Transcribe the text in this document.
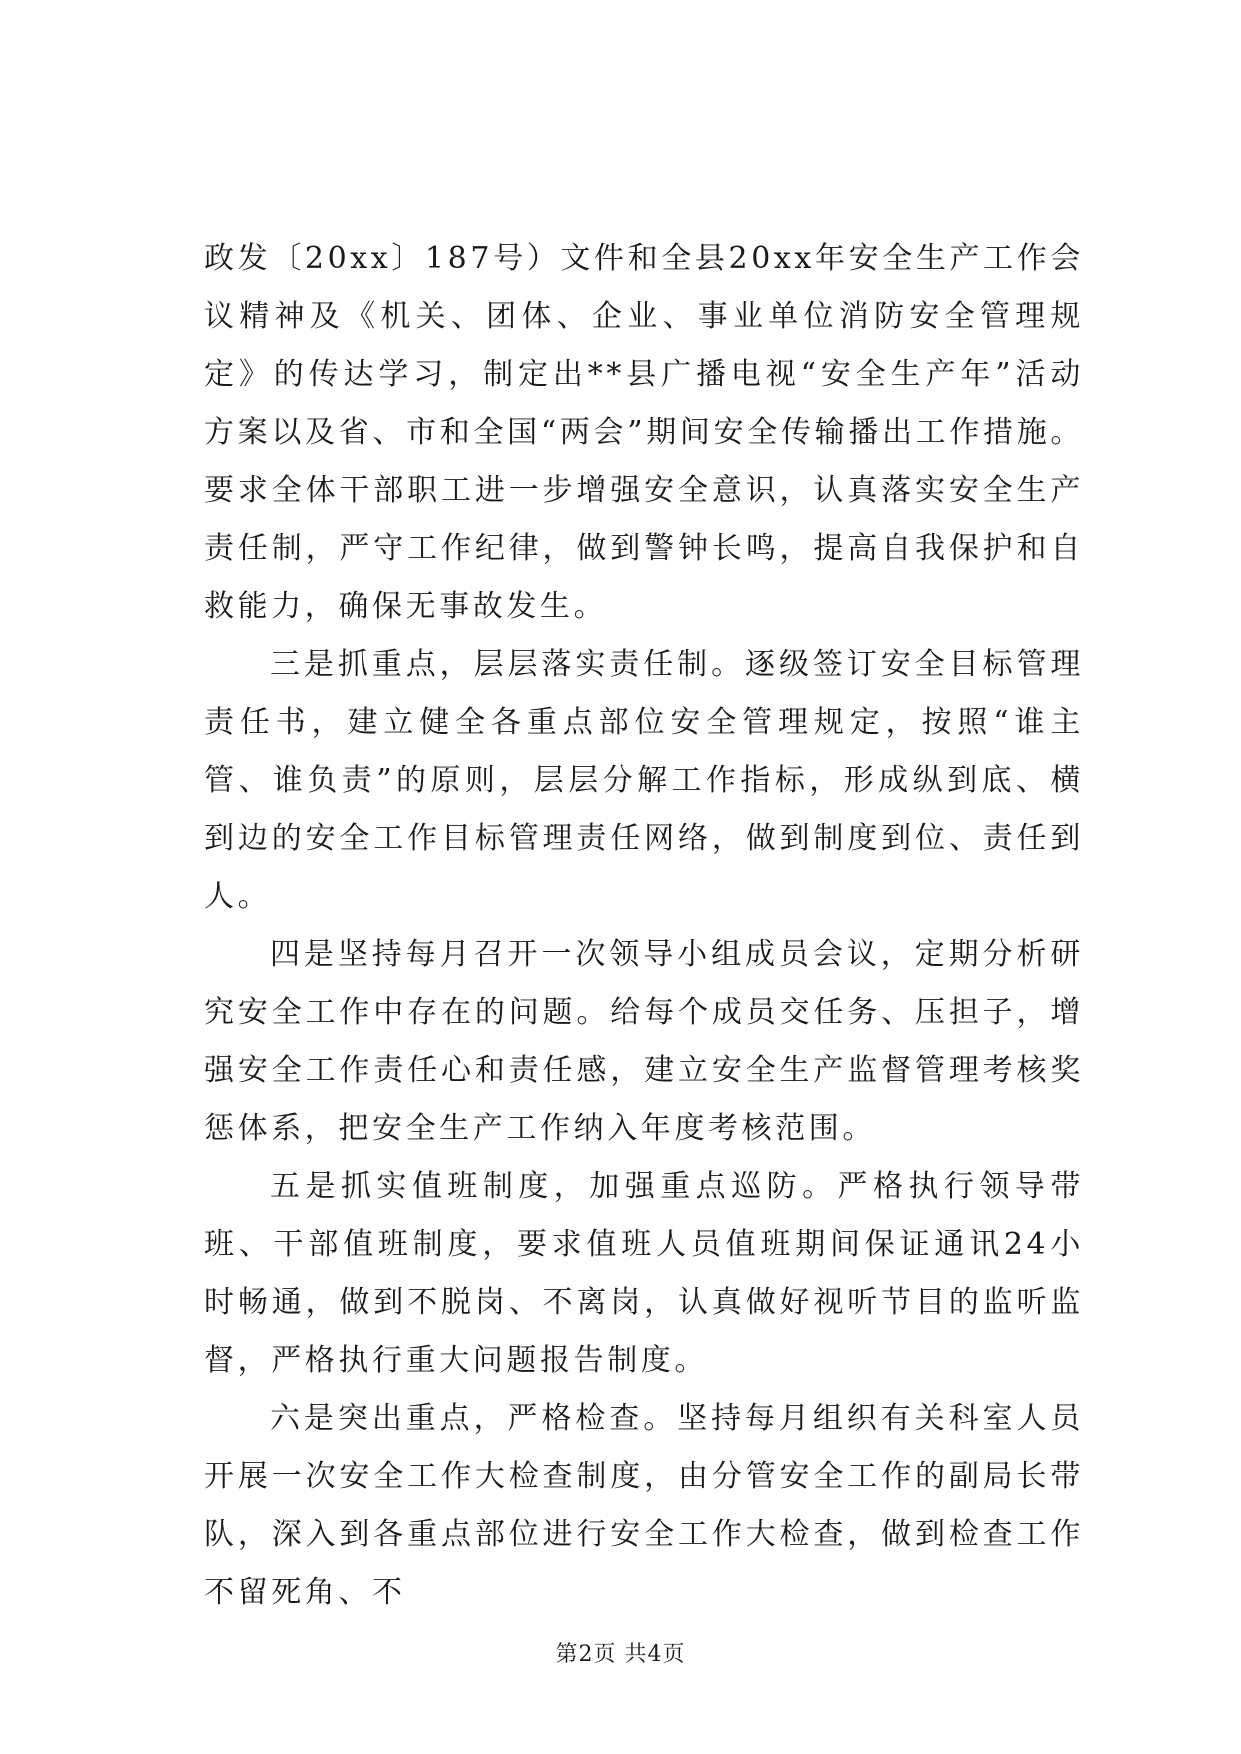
政发〔20xx〕187号）文件和全县20xx年安全生产工作会议精神及《机关、团体、企业、事业单位消防安全管理规定》的传达学习，制定出**县广播电视“安全生产年”活动方案以及省、市和全国“两会”期间安全传输播出工作措施。要求全体干部职工进一步增强安全意识，认真落实安全生产责任制，严守工作纪律，做到警钟长鸣，提高自我保护和自救能力，确保无事故发生。

三是抓重点，层层落实责任制。逐级签订安全目标管理责任书，建立健全各重点部位安全管理规定，按照“谁主管、谁负责”的原则，层层分解工作指标，形成纵到底、横到边的安全工作目标管理责任网络，做到制度到位、责任到人。

四是坚持每月召开一次领导小组成员会议，定期分析研究安全工作中存在的问题。给每个成员交任务、压担子，增强安全工作责任心和责任感，建立安全生产监督管理考核奖惩体系，把安全生产工作纳入年度考核范围。

五是抓实值班制度，加强重点巡防。严格执行领导带班、干部值班制度，要求值班人员值班期间保证通讯24小时畅通，做到不脱岗、不离岗，认真做好视听节目的监听监督，严格执行重大问题报告制度。

六是突出重点，严格检查。坚持每月组织有关科室人员开展一次安全工作大检查制度，由分管安全工作的副局长带队，深入到各重点部位进行安全工作大检查，做到检查工作不留死角、不

第2页 共4页
